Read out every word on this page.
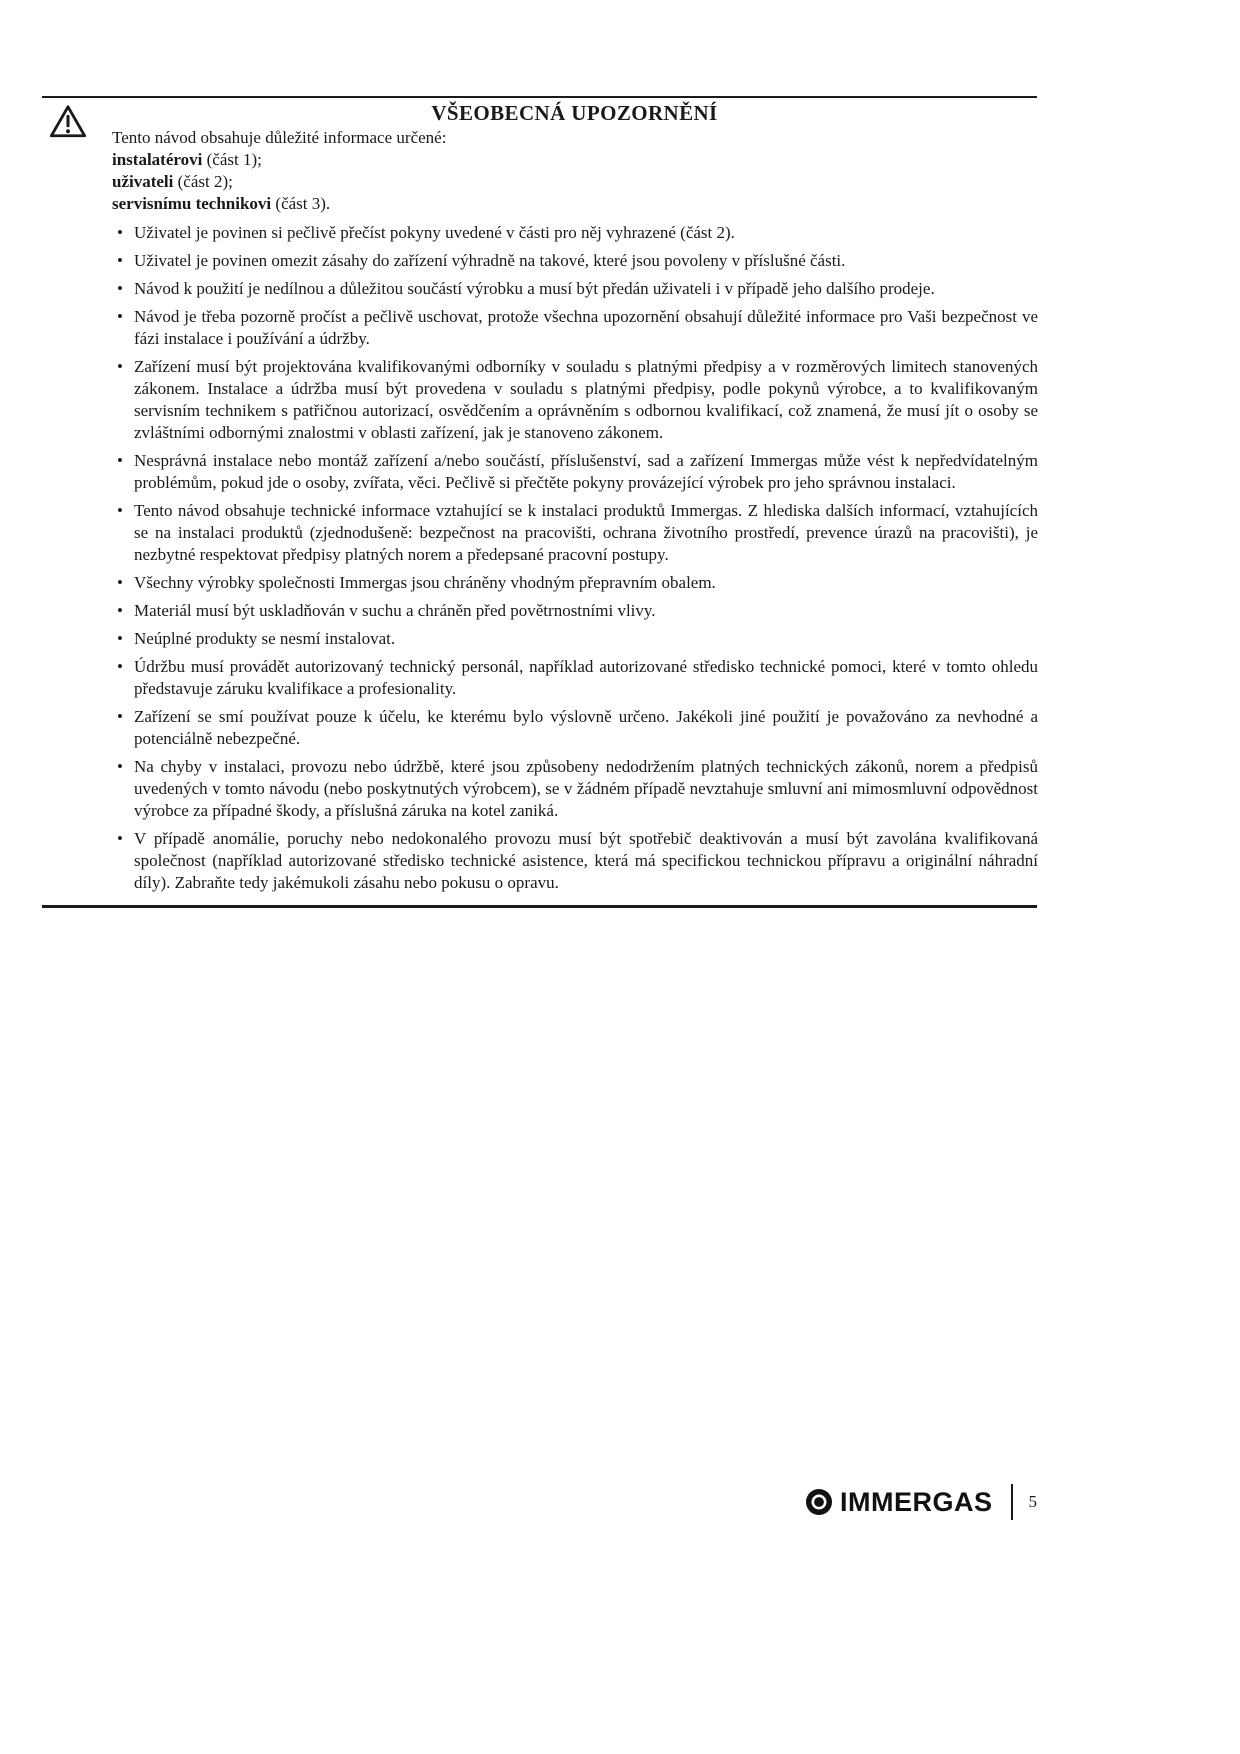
VŠEOBECNÁ UPOZORNĚNÍ

Tento návod obsahuje důležité informace určené:

instalatérovi (část 1);

uživateli (část 2);

servisnímu technikovi (část 3).

• Uživatel je povinen si pečlivě přečíst pokyny uvedené v části pro něj vyhrazené (část 2).
• Uživatel je povinen omezit zásahy do zařízení výhradně na takové, které jsou povoleny v příslušné části.
• Návod k použití je nedílnou a důležitou součástí výrobku a musí být předán uživateli i v případě jeho dalšího prodeje.
• Návod je třeba pozorně pročíst a pečlivě uschovat, protože všechna upozornění obsahují důležité informace pro Vaši bezpečnost ve fázi instalace i používání a údržby.
• Zařízení musí být projektována kvalifikovanými odborníky v souladu s platnými předpisy a v rozměrových limitech stanovených zákonem. Instalace a údržba musí být provedena v souladu s platnými předpisy, podle pokynů výrobce, a to kvalifikovaným servisním technikem s patřičnou autorizací, osvědčením a oprávněním s odbornou kvalifikací, což znamená, že musí jít o osoby se zvláštními odbornými znalostmi v oblasti zařízení, jak je stanoveno zákonem.
• Nesprávná instalace nebo montáž zařízení a/nebo součástí, příslušenství, sad a zařízení Immergas může vést k nepředvídatelným problémům, pokud jde o osoby, zvířata, věci. Pečlivě si přečtěte pokyny provázející výrobek pro jeho správnou instalaci.
• Tento návod obsahuje technické informace vztahující se k instalaci produktů Immergas. Z hlediska dalších informací, vztahujících se na instalaci produktů (zjednodušeně: bezpečnost na pracovišti, ochrana životního prostředí, prevence úrazů na pracovišti), je nezbytné respektovat předpisy platných norem a předepsané pracovní postupy.
• Všechny výrobky společnosti Immergas jsou chráněny vhodným přepravním obalem.
• Materiál musí být uskladňován v suchu a chráněn před povětrnostními vlivy.
• Neúplné produkty se nesmí instalovat.
• Údržbu musí provádět autorizovaný technický personál, například autorizované středisko technické pomoci, které v tomto ohledu představuje záruku kvalifikace a profesionality.
• Zařízení se smí používat pouze k účelu, ke kterému bylo výslovně určeno. Jakékoli jiné použití je považováno za nevhodné a potenciálně nebezpečné.
• Na chyby v instalaci, provozu nebo údržbě, které jsou způsobeny nedodržením platných technických zákonů, norem a předpisů uvedených v tomto návodu (nebo poskytnutých výrobcem), se v žádném případě nevztahuje smluvní ani mimosmluvní odpovědnost výrobce za případné škody, a příslušná záruka na kotel zaniká.
• V případě anomálie, poruchy nebo nedokonalého provozu musí být spotřebič deaktivován a musí být zavolána kvalifikovaná společnost (například autorizované středisko technické asistence, která má specifickou technickou přípravu a originální náhradní díly). Zabraňte tedy jakémukoli zásahu nebo pokusu o opravu.
IMMERGAS 5
